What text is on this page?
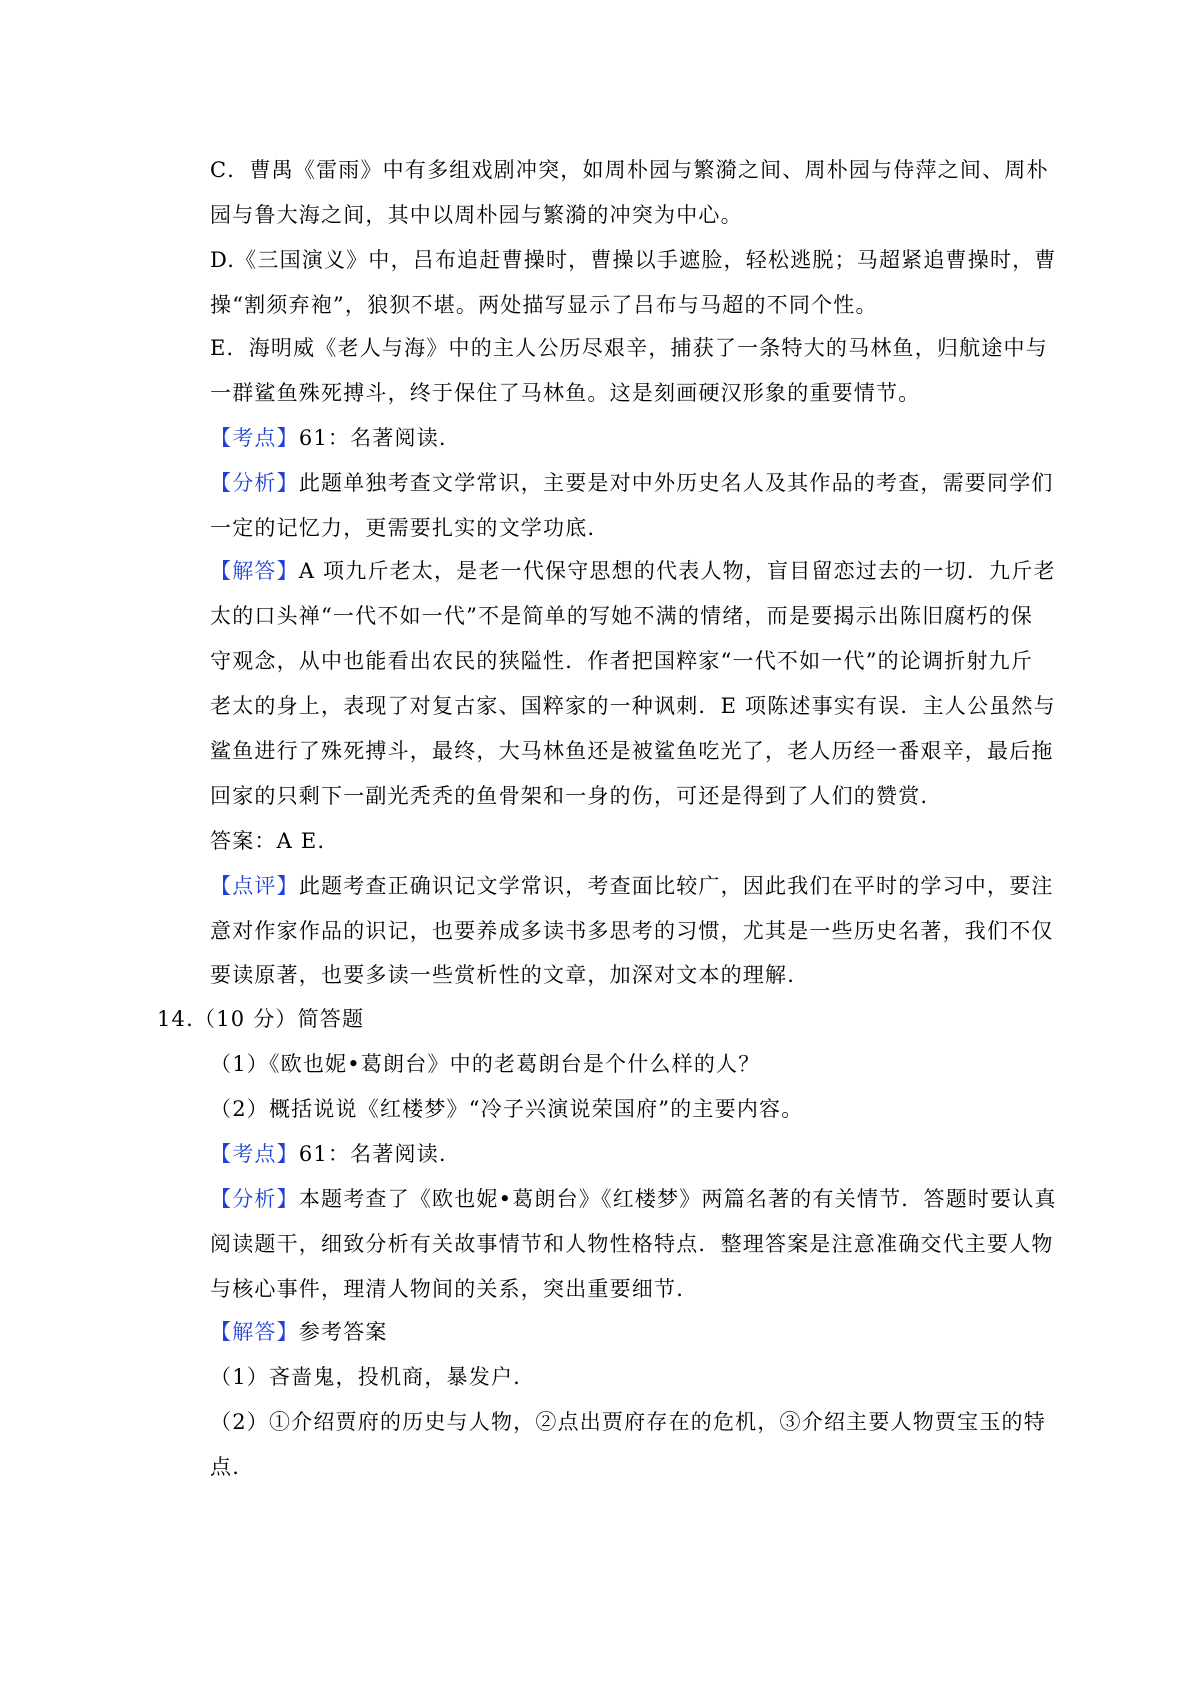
C．曹禺《雷雨》中有多组戏剧冲突，如周朴园与繁漪之间、周朴园与侍萍之间、周朴
园与鲁大海之间，其中以周朴园与繁漪的冲突为中心。
D.《三国演义》中，吕布追赶曹操时，曹操以手遮脸，轻松逃脱；马超紧追曹操时，曹
操“割须弃袍”，狼狈不堪。两处描写显示了吕布与马超的不同个性。
E．海明威《老人与海》中的主人公历尽艰辛，捕获了一条特大的马林鱼，归航途中与
一群鲨鱼殊死搏斗，终于保住了马林鱼。这是刻画硬汉形象的重要情节。
【考点】61：名著阅读.
【分析】此题单独考查文学常识，主要是对中外历史名人及其作品的考查，需要同学们
一定的记忆力，更需要扎实的文学功底.
【解答】A 项九斤老太，是老一代保守思想的代表人物，盲目留恋过去的一切．九斤老
太的口头禅“一代不如一代”不是简单的写她不满的情绪，而是要揭示出陈旧腐朽的保
守观念，从中也能看出农民的狭隘性．作者把国粹家“一代不如一代”的论调折射九斤
老太的身上，表现了对复古家、国粹家的一种讽刺．E 项陈述事实有误．主人公虽然与
鲨鱼进行了殊死搏斗，最终，大马林鱼还是被鲨鱼吃光了，老人历经一番艰辛，最后拖
回家的只剩下一副光秃秃的鱼骨架和一身的伤，可还是得到了人们的赞赏.
答案：A E.
【点评】此题考查正确识记文学常识，考查面比较广，因此我们在平时的学习中，要注
意对作家作品的识记，也要养成多读书多思考的习惯，尤其是一些历史名著，我们不仅
要读原著，也要多读一些赏析性的文章，加深对文本的理解.
14.（10 分）简答题
（1）《欧也妮•葛朗台》中的老葛朗台是个什么样的人？
（2）概括说说《红楼梦》“冷子兴演说荣国府”的主要内容。
【考点】61：名著阅读.
【分析】本题考查了《欧也妮•葛朗台》《红楼梦》两篇名著的有关情节．答题时要认真
阅读题干，细致分析有关故事情节和人物性格特点．整理答案是注意准确交代主要人物
与核心事件，理清人物间的关系，突出重要细节.
【解答】参考答案
（1）吝啬鬼，投机商，暴发户.
（2）①介绍贾府的历史与人物，②点出贾府存在的危机，③介绍主要人物贾宝玉的特
点.
